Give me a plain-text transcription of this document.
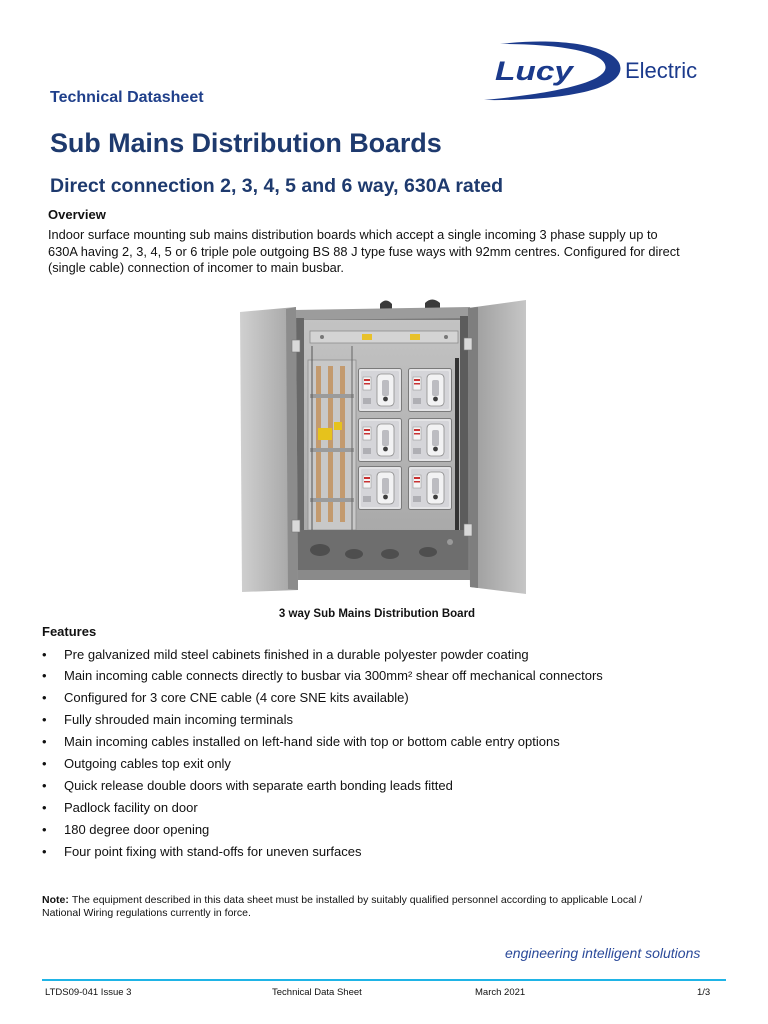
Lucy Electric
Technical Datasheet
Sub Mains Distribution Boards
Direct connection 2, 3, 4, 5 and 6 way, 630A rated
Overview
Indoor surface mounting sub mains distribution boards which accept a single incoming 3 phase supply up to
630A having 2, 3, 4, 5 or 6 triple pole outgoing BS 88 J type fuse ways with 92mm centres. Configured for direct
(single cable) connection of incomer to main busbar.
3 way Sub Mains Distribution Board
Features
•	Pre galvanized mild steel cabinets finished in a durable polyester powder coating
•	Main incoming cable connects directly to busbar via 300mm² shear off mechanical connectors
•	Configured for 3 core CNE cable (4 core SNE kits available)
•	Fully shrouded main incoming terminals
•	Main incoming cables installed on left-hand side with top or bottom cable entry options
•	Outgoing cables top exit only
•	Quick release double doors with separate earth bonding leads fitted
•	Padlock facility on door
•	180 degree door opening
•	Four point fixing with stand-offs for uneven surfaces
Note: The equipment described in this data sheet must be installed by suitably qualified personnel according to applicable Local /
National Wiring regulations currently in force.
engineering intelligent solutions
LTDS09-041 Issue 3	Technical Data Sheet	March 2021	1/3
